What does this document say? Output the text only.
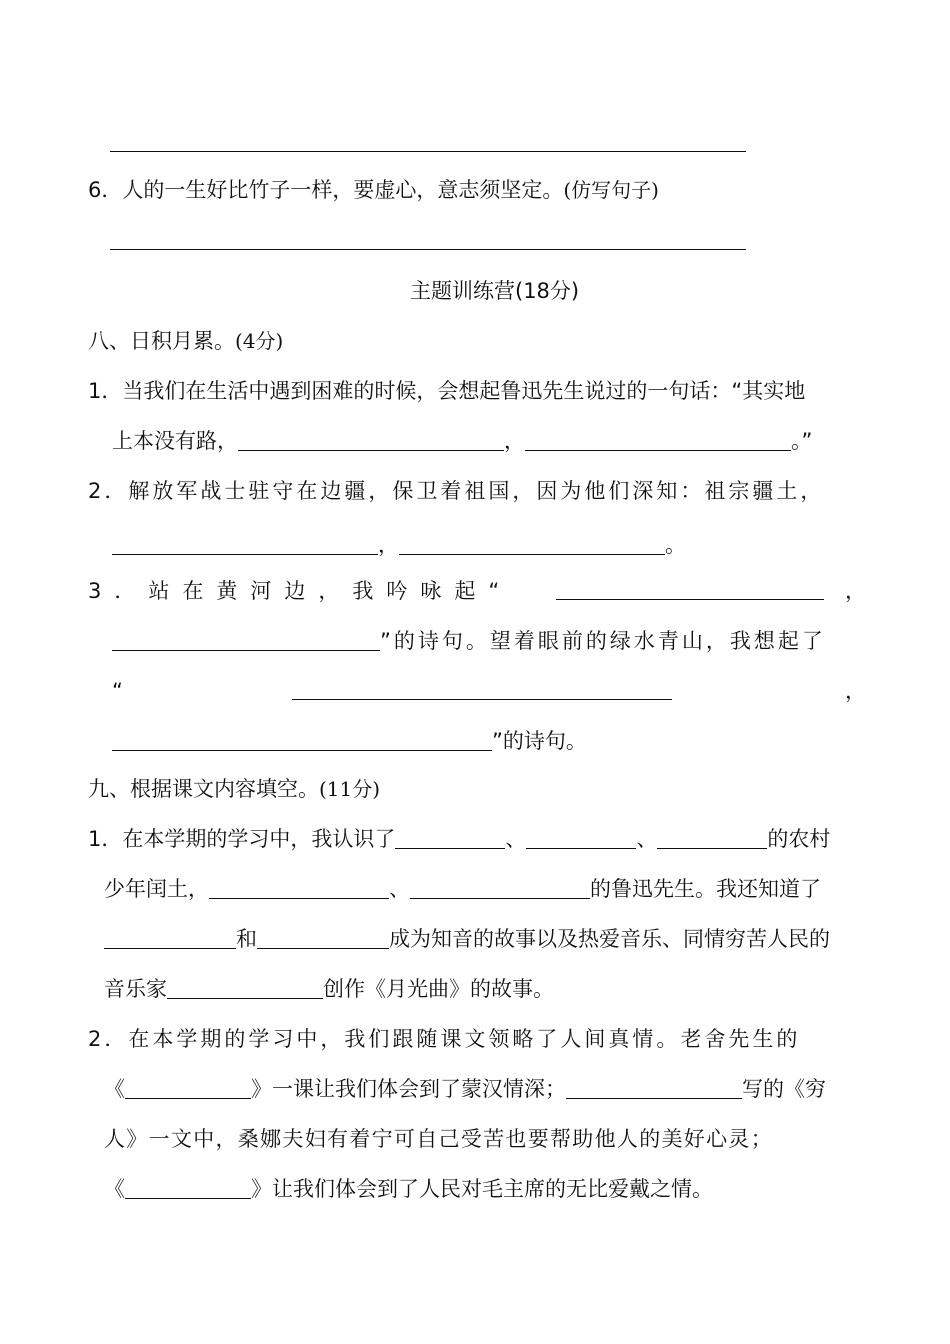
6．人的一生好比竹子一样，要虚心，意志须坚定。(仿写句子)
主题训练营(18分)
八、日积月累。(4分)
1．当我们在生活中遇到困难的时候，会想起鲁迅先生说过的一句话：“其实地
上本没有路，	，	。”
2．解放军战士驻守在边疆，保卫着祖国，因为他们深知：祖宗疆土，
，	。
3．站在黄河边，我吟咏起“	，
”的诗句。望着眼前的绿水青山，我想起了
“	，
”的诗句。
九、根据课文内容填空。(11分)
1．在本学期的学习中，我认识了	、	、	的农村
少年闰土，	、	的鲁迅先生。我还知道了
和	成为知音的故事以及热爱音乐、同情穷苦人民的
音乐家	创作《月光曲》的故事。
2．在本学期的学习中，我们跟随课文领略了人间真情。老舍先生的
《	》一课让我们体会到了蒙汉情深；	写的《穷
人》一文中，桑娜夫妇有着宁可自己受苦也要帮助他人的美好心灵；
《	》让我们体会到了人民对毛主席的无比爱戴之情。
